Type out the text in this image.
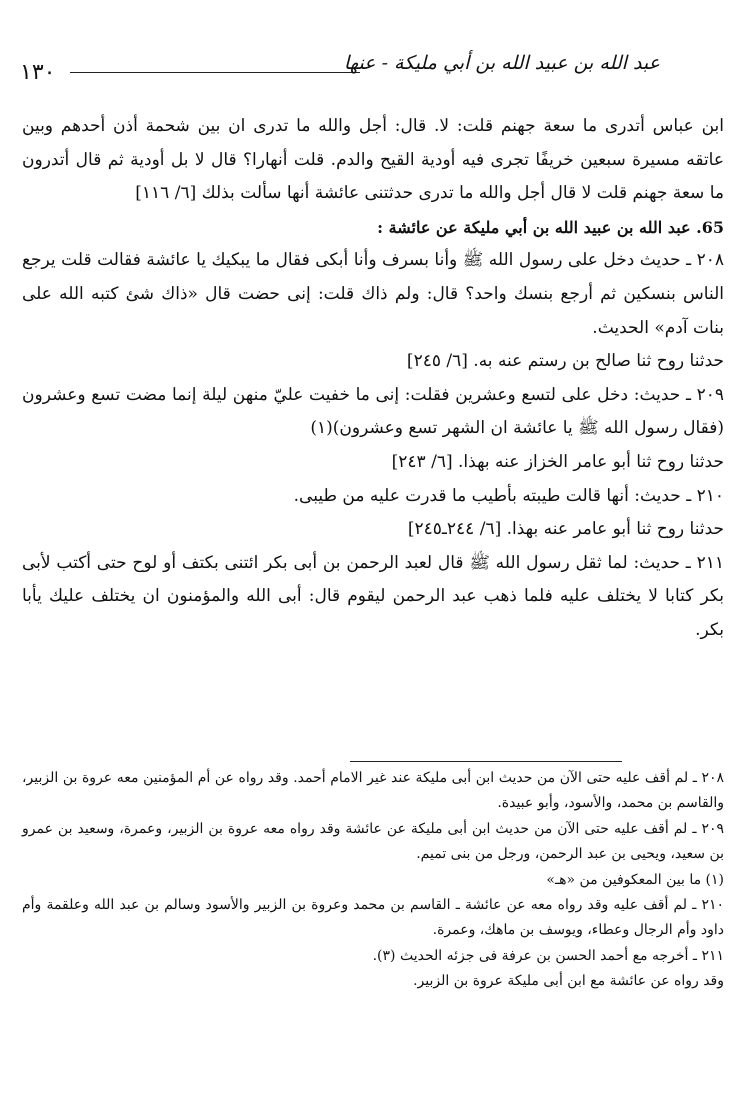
١٣٠	عبد الله بن عبيد الله بن أبي مليكة - عنها

ابن عباس أتدرى ما سعة جهنم قلت: لا. قال: أجل والله ما تدرى ان بين شحمة أذن أحدهم وبين عاتقه مسيرة سبعين خريفًا تجرى فيه أودية القيح والدم. قلت أنهارا؟ قال لا بل أودية ثم قال أتدرون ما سعة جهنم قلت لا قال أجل والله ما تدرى حدثتنى عائشة أنها سألت بذلك [٦/ ١١٦]

65. عبد الله بن عبيد الله بن أبي مليكة عن عائشة :

٢٠٨ ـ حديث دخل على رسول الله ﷺ وأنا بسرف وأنا أبكى فقال ما يبكيك يا عائشة فقالت قلت يرجع الناس بنسكين ثم أرجع بنسك واحد؟ قال: ولم ذاك قلت: إنى حضت قال «ذاك شئ كتبه الله على بنات آدم» الحديث.

حدثنا روح ثنا صالح بن رستم عنه به. [٦/ ٢٤٥]

٢٠٩ ـ حديث: دخل على لتسع وعشرين فقلت: إنى ما خفيت عليّ منهن ليلة إنما مضت تسع وعشرون (فقال رسول الله ﷺ يا عائشة ان الشهر تسع وعشرون)(١)

حدثنا روح ثنا أبو عامر الخزاز عنه بهذا. [٦/ ٢٤٣]

٢١٠ ـ حديث: أنها قالت طيبته بأطيب ما قدرت عليه من طيبى.

حدثنا روح ثنا أبو عامر عنه بهذا. [٦/ ٢٤٤ـ٢٤٥]

٢١١ ـ حديث: لما ثقل رسول الله ﷺ قال لعبد الرحمن بن أبى بكر ائتنى بكتف أو لوح حتى أكتب لأبى بكر كتابا لا يختلف عليه فلما ذهب عبد الرحمن ليقوم قال: أبى الله والمؤمنون ان يختلف عليك يأبا بكر.

٢٠٨ ـ لم أقف عليه حتى الآن من حديث ابن أبى مليكة عند غير الامام أحمد. وقد رواه عن أم المؤمنين معه عروة بن الزبير، والقاسم بن محمد، والأسود، وأبو عبيدة.

٢٠٩ ـ لم أقف عليه حتى الآن من حديث ابن أبى مليكة عن عائشة وقد رواه معه عروة بن الزبير، وعمرة، وسعيد بن عمرو بن سعيد، ويحيى بن عبد الرحمن، ورجل من بنى تميم.

(١) ما بين المعكوفين من «هـ»

٢١٠ ـ لم أقف عليه وقد رواه معه عن عائشة ـ القاسم بن محمد وعروة بن الزبير والأسود وسالم بن عبد الله وعلقمة وأم داود وأم الرجال وعطاء، ويوسف بن ماهك، وعمرة.

٢١١ ـ أخرجه مع أحمد الحسن بن عرفة فى جزئه الحديث (٣).

وقد رواه عن عائشة مع ابن أبى مليكة عروة بن الزبير.
